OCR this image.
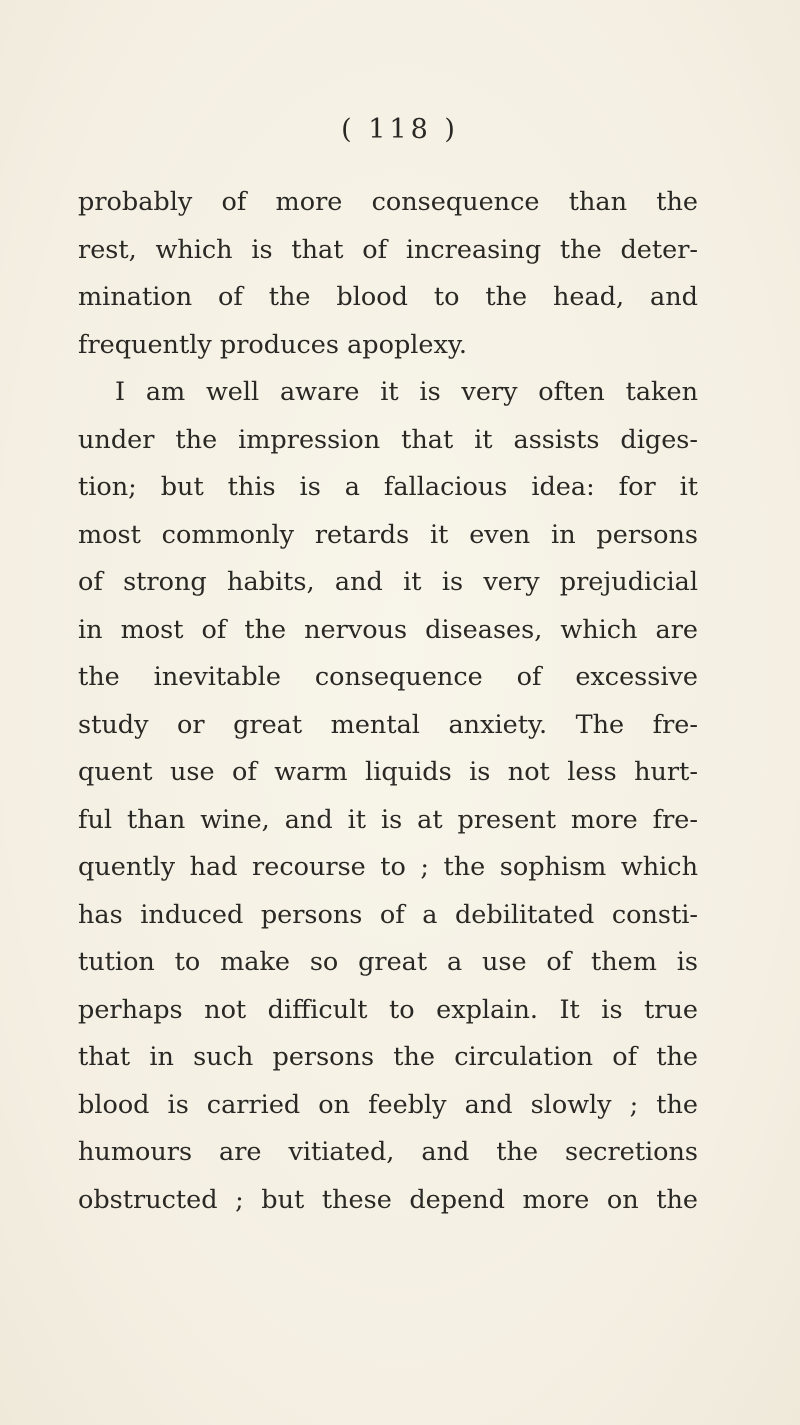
( 118 )
probably of more consequence than the
rest, which is that of increasing the deter-
mination of the blood to the head, and
frequently produces apoplexy.
I am well aware it is very often taken
under the impression that it assists diges-
tion; but this is a fallacious idea: for it
most commonly retards it even in persons
of strong habits, and it is very prejudicial
in most of the nervous diseases, which are
the inevitable consequence of excessive
study or great mental anxiety. The fre-
quent use of warm liquids is not less hurt-
ful than wine, and it is at present more fre-
quently had recourse to ; the sophism which
has induced persons of a debilitated consti-
tution to make so great a use of them is
perhaps not difficult to explain. It is true
that in such persons the circulation of the
blood is carried on feebly and slowly ; the
humours are vitiated, and the secretions
obstructed ; but these depend more on the
